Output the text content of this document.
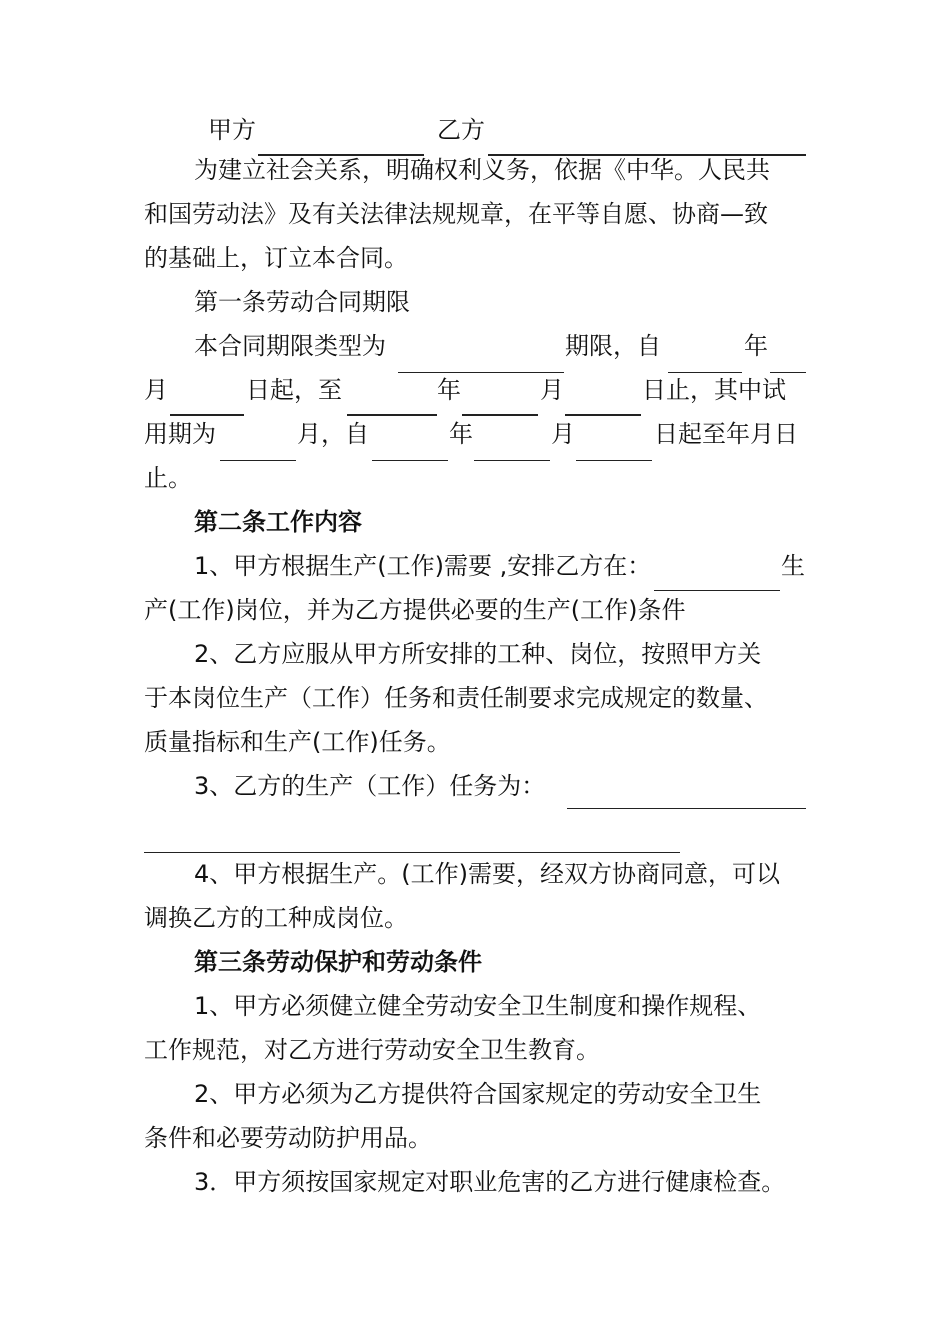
甲方	乙方

为建立社会关系，明确权利义务，依据《中华。人民共

和国劳动法》及有关法律法规规章，在平等自愿、协商—致

的基础上，订立本合同。

第一条劳动合同期限

本合同期限类型为	期限，自	年

月	日起，至	年	月	日止，其中试

用期为	月，自	年	月	日起至年月日

止。

第二条工作内容

1、甲方根据生产(工作)需要 ,安排乙方在：	生

产(工作)岗位，并为乙方提供必要的生产(工作)条件

2、乙方应服从甲方所安排的工种、岗位，按照甲方关

于本岗位生产（工作）任务和责任制要求完成规定的数量、

质量指标和生产(工作)任务。

3、乙方的生产（工作）任务为：

4、甲方根据生产。(工作)需要，经双方协商同意，可以

调换乙方的工种成岗位。

第三条劳动保护和劳动条件

1、甲方必须健立健全劳动安全卫生制度和操作规程、

工作规范，对乙方进行劳动安全卫生教育。

2、甲方必须为乙方提供符合国家规定的劳动安全卫生

条件和必要劳动防护用品。

3．甲方须按国家规定对职业危害的乙方进行健康检查。
